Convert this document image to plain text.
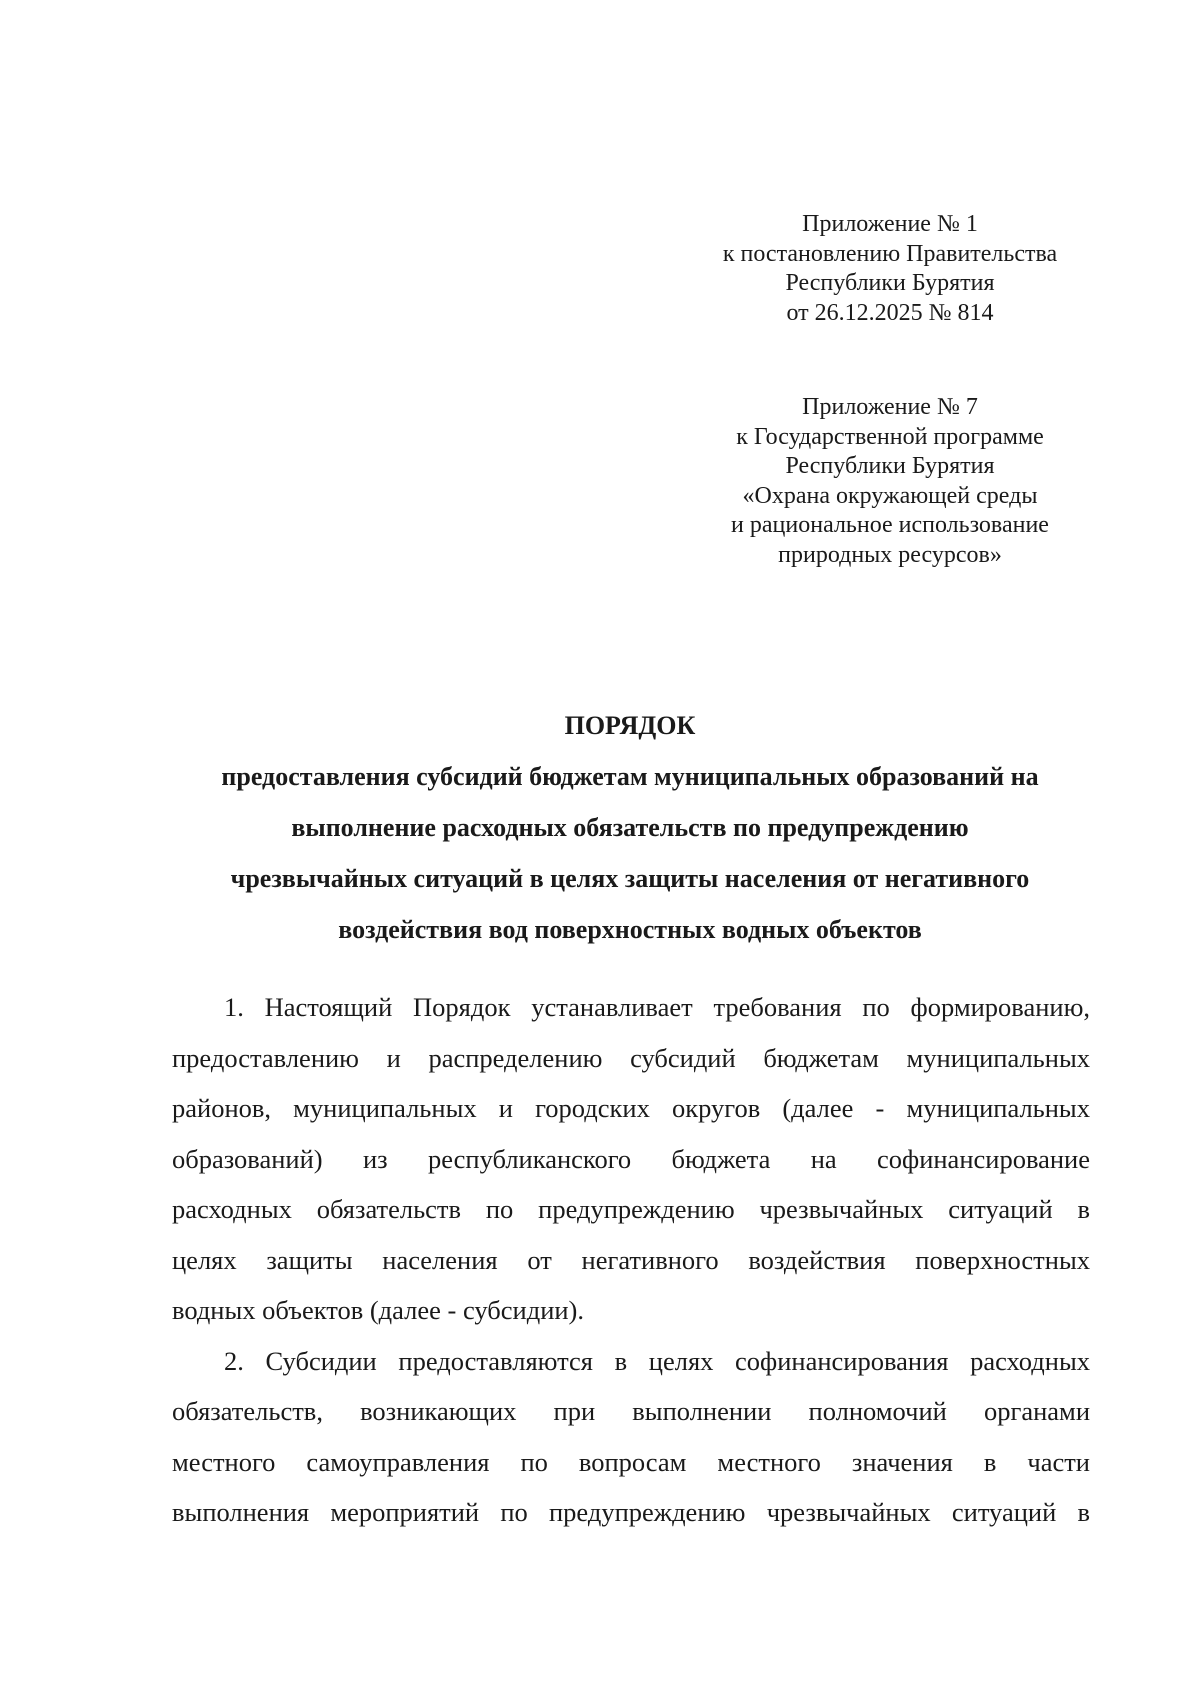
Приложение № 1
к постановлению Правительства
Республики Бурятия
от 26.12.2025 № 814
Приложение № 7
к Государственной программе
Республики Бурятия
«Охрана окружающей среды
и рациональное использование
природных ресурсов»
ПОРЯДОК
предоставления субсидий бюджетам муниципальных образований на
выполнение расходных обязательств по предупреждению
чрезвычайных ситуаций в целях защиты населения от негативного
воздействия вод поверхностных водных объектов

1. Настоящий Порядок устанавливает требования по формированию,
предоставлению и распределению субсидий бюджетам муниципальных
районов, муниципальных и городских округов (далее - муниципальных
образований) из республиканского бюджета на софинансирование
расходных обязательств по предупреждению чрезвычайных ситуаций в
целях защиты населения от негативного воздействия поверхностных
водных объектов (далее - субсидии).

2. Субсидии предоставляются в целях софинансирования расходных
обязательств, возникающих при выполнении полномочий органами
местного самоуправления по вопросам местного значения в части
выполнения мероприятий по предупреждению чрезвычайных ситуаций в
